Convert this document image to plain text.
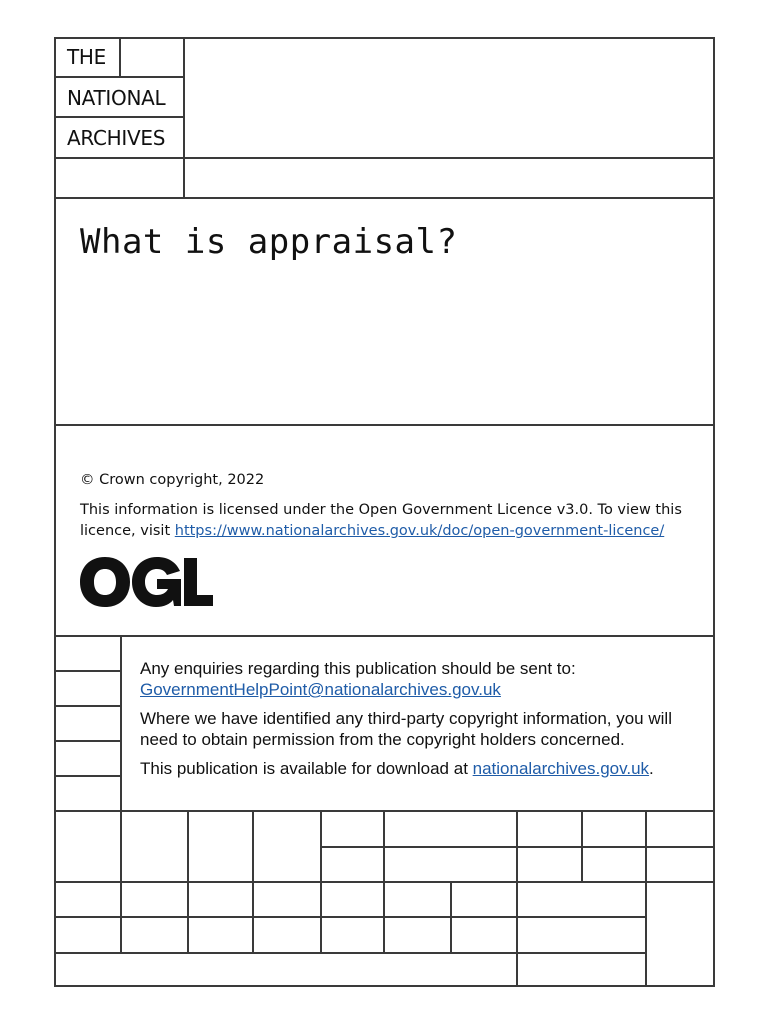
THE
NATIONAL
ARCHIVES
What is appraisal?

© Crown copyright, 2022

This information is licensed under the Open Government Licence v3.0. To view this licence, visit https://www.nationalarchives.gov.uk/doc/open-government-licence/

Any enquiries regarding this publication should be sent to:
GovernmentHelpPoint@nationalarchives.gov.uk

Where we have identified any third-party copyright information, you will need to obtain permission from the copyright holders concerned.

This publication is available for download at nationalarchives.gov.uk.
